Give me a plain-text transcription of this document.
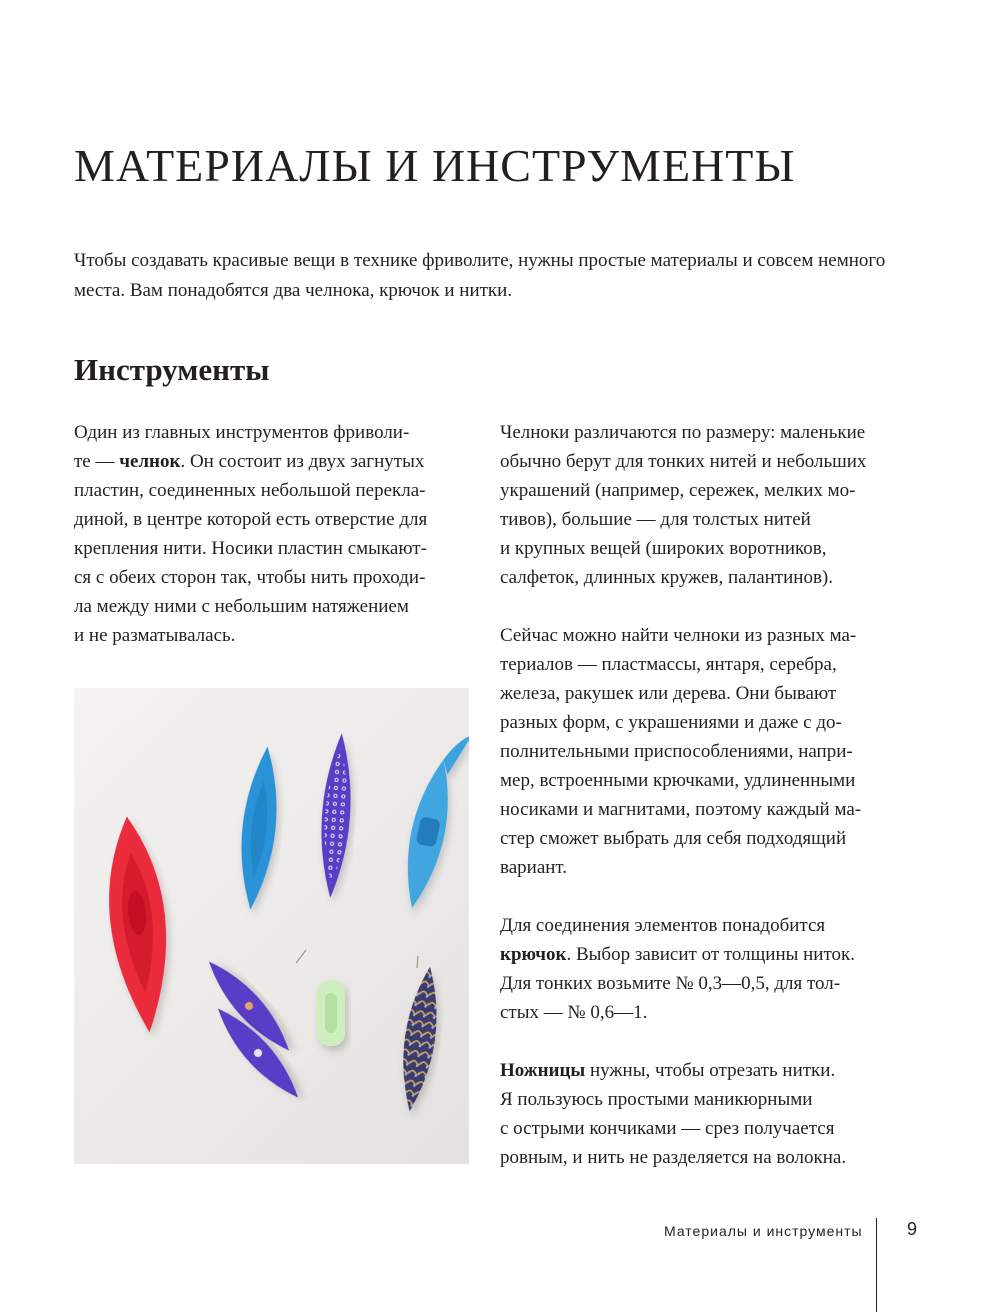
МАТЕРИАЛЫ И ИНСТРУМЕНТЫ

Чтобы создавать красивые вещи в технике фриволите, нужны простые материалы и совсем немного места. Вам понадобятся два челнока, крючок и нитки.

Инструменты

Один из главных инструментов фриволи-
те — челнок. Он состоит из двух загнутых
пластин, соединенных небольшой перекла-
диной, в центре которой есть отверстие для
крепления нити. Носики пластин смыкают-
ся с обеих сторон так, чтобы нить проходи-
ла между ними с небольшим натяжением
и не разматывалась.

Челноки различаются по размеру: маленькие
обычно берут для тонких нитей и небольших
украшений (например, сережек, мелких мо-
тивов), большие — для толстых нитей
и крупных вещей (широких воротников,
салфеток, длинных кружев, палантинов).

Сейчас можно найти челноки из разных ма-
териалов — пластмассы, янтаря, серебра,
железа, ракушек или дерева. Они бывают
разных форм, с украшениями и даже с до-
полнительными приспособлениями, напри-
мер, встроенными крючками, удлиненными
носиками и магнитами, поэтому каждый ма-
стер сможет выбрать для себя подходящий
вариант.

Для соединения элементов понадобится
крючок. Выбор зависит от толщины ниток.
Для тонких возьмите № 0,3—0,5, для тол-
стых — № 0,6—1.

Ножницы нужны, чтобы отрезать нитки.
Я пользуюсь простыми маникюрными
с острыми кончиками — срез получается
ровным, и нить не разделяется на волокна.

Материалы и инструменты 9
